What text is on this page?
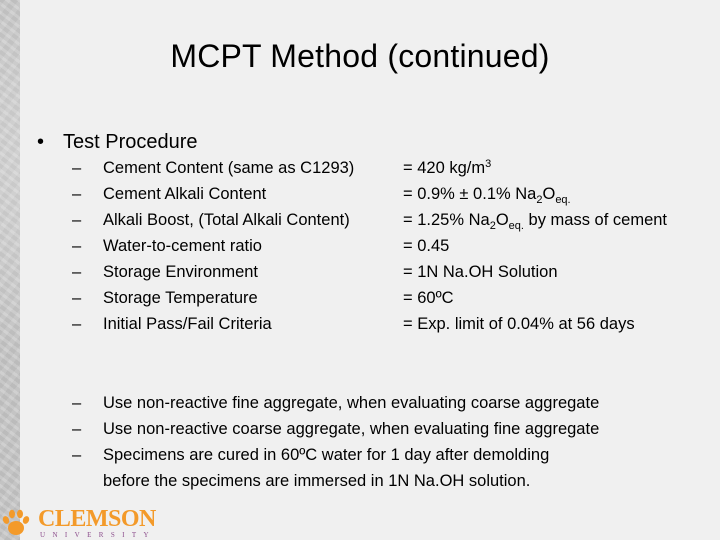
MCPT Method (continued)
• Test Procedure
–	Cement Content (same as C1293)	= 420 $kg/m^3$
–	Cement Alkali Content	= 0.9% ± 0.1% $Na_2O_{eq.}$
–	Alkali Boost, (Total Alkali Content)	= 1.25% $Na_2O_{eq.}$ by mass of cement
–	Water-to-cement ratio	= 0.45
–	Storage Environment	= 1N Na.OH Solution
–	Storage Temperature	= 60ºC
–	Initial Pass/Fail Criteria	= Exp. limit of 0.04% at 56 days
–	Use non-reactive fine aggregate, when evaluating coarse aggregate
–	Use non-reactive coarse aggregate, when evaluating fine aggregate
–	Specimens are cured in 60ºC water for 1 day after demolding before the specimens are immersed in 1N Na.OH solution.
CLEMSON
UNIVERSITY
